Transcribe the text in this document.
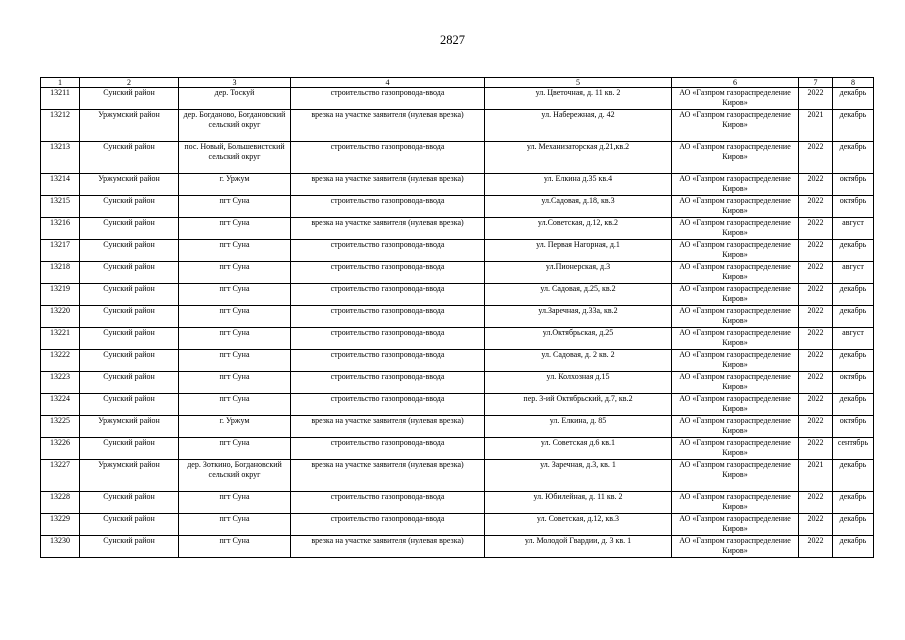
2827
1	2	3	4	5	6	7	8
13211	Сунский район	дер. Тоскуй	строительство газопровода-ввода	ул. Цветочная, д. 11 кв. 2	АО «Газпром газораспределение Киров»	2022	декабрь
13212	Уржумский район	дер. Богданово, Богдановский сельский округ	врезка на участке заявителя (нулевая врезка)	ул. Набережная, д. 42	АО «Газпром газораспределение Киров»	2021	декабрь
13213	Сунский район	пос. Новый, Большевистский сельский округ	строительство газопровода-ввода	ул. Механизаторская д.21,кв.2	АО «Газпром газораспределение Киров»	2022	декабрь
13214	Уржумский район	г. Уржум	врезка на участке заявителя (нулевая врезка)	ул. Елкина д.35 кв.4	АО «Газпром газораспределение Киров»	2022	октябрь
13215	Сунский район	пгт Суна	строительство газопровода-ввода	ул.Садовая, д.18, кв.3	АО «Газпром газораспределение Киров»	2022	октябрь
13216	Сунский район	пгт Суна	врезка на участке заявителя (нулевая врезка)	ул.Советская, д.12, кв.2	АО «Газпром газораспределение Киров»	2022	август
13217	Сунский район	пгт Суна	строительство газопровода-ввода	ул. Первая Нагорная, д.1	АО «Газпром газораспределение Киров»	2022	декабрь
13218	Сунский район	пгт Суна	строительство газопровода-ввода	ул.Пионерская, д.3	АО «Газпром газораспределение Киров»	2022	август
13219	Сунский район	пгт Суна	строительство газопровода-ввода	ул. Садовая, д.25, кв.2	АО «Газпром газораспределение Киров»	2022	декабрь
13220	Сунский район	пгт Суна	строительство газопровода-ввода	ул.Заречная, д.33а, кв.2	АО «Газпром газораспределение Киров»	2022	декабрь
13221	Сунский район	пгт Суна	строительство газопровода-ввода	ул.Октябрьская, д.25	АО «Газпром газораспределение Киров»	2022	август
13222	Сунский район	пгт Суна	строительство газопровода-ввода	ул. Садовая, д. 2 кв. 2	АО «Газпром газораспределение Киров»	2022	декабрь
13223	Сунский район	пгт Суна	строительство газопровода-ввода	ул. Колхозная д.15	АО «Газпром газораспределение Киров»	2022	октябрь
13224	Сунский район	пгт Суна	строительство газопровода-ввода	пер. 3-ий Октябрьский, д.7, кв.2	АО «Газпром газораспределение Киров»	2022	декабрь
13225	Уржумский район	г. Уржум	врезка на участке заявителя (нулевая врезка)	ул. Елкина, д. 85	АО «Газпром газораспределение Киров»	2022	октябрь
13226	Сунский район	пгт Суна	строительство газопровода-ввода	ул. Советская д.6 кв.1	АО «Газпром газораспределение Киров»	2022	сентябрь
13227	Уржумский район	дер. Зоткино, Богдановский сельский округ	врезка на участке заявителя (нулевая врезка)	ул. Заречная, д.3, кв. 1	АО «Газпром газораспределение Киров»	2021	декабрь
13228	Сунский район	пгт Суна	строительство газопровода-ввода	ул. Юбилейная, д. 11 кв. 2	АО «Газпром газораспределение Киров»	2022	декабрь
13229	Сунский район	пгт Суна	строительство газопровода-ввода	ул. Советская, д.12, кв.3	АО «Газпром газораспределение Киров»	2022	декабрь
13230	Сунский район	пгт Суна	врезка на участке заявителя (нулевая врезка)	ул. Молодой Гвардии, д. 3 кв. 1	АО «Газпром газораспределение Киров»	2022	декабрь
